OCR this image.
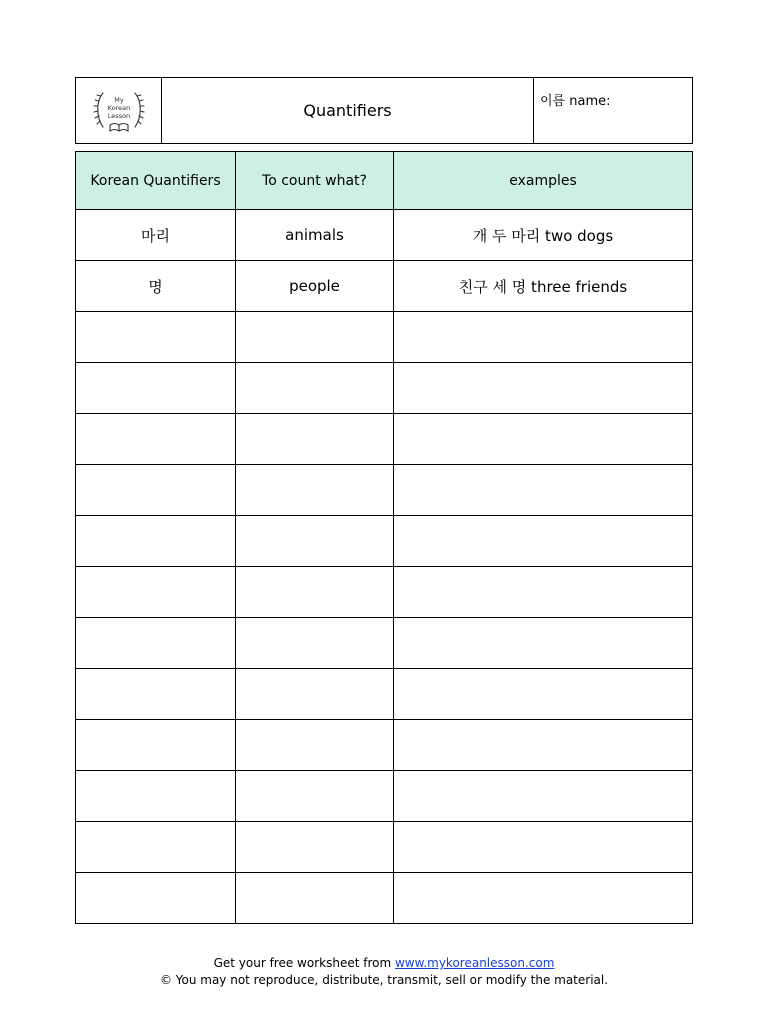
My
Korean
Lesson	Quantifiers	이름 name:
Korean Quantifiers	To count what?	examples
마리	animals	개 두 마리 two dogs
명	people	친구 세 명 three friends

Get your free worksheet from www.mykoreanlesson.com
© You may not reproduce, distribute, transmit, sell or modify the material.
